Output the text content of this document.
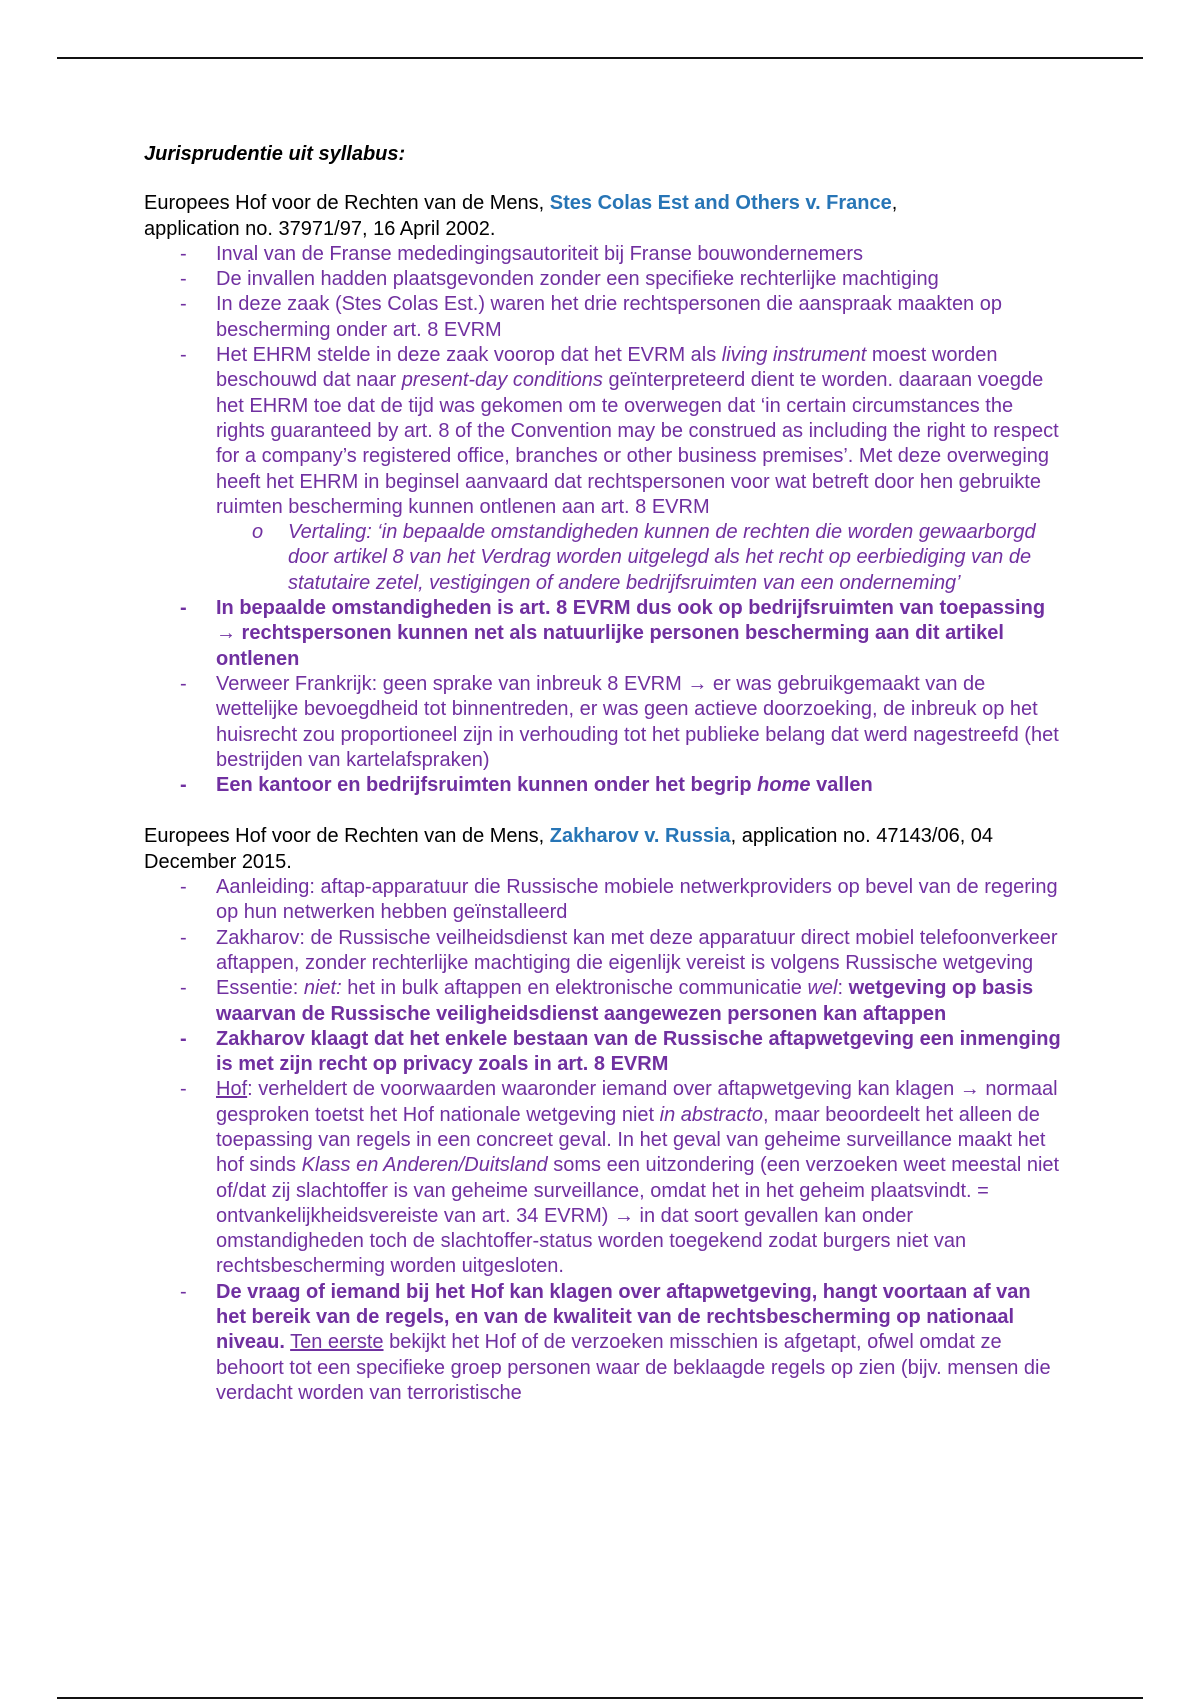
Jurisprudentie uit syllabus:

Europees Hof voor de Rechten van de Mens, Stes Colas Est and Others v. France,
application no. 37971/97, 16 April 2002.

- Inval van de Franse mededingingsautoriteit bij Franse bouwondernemers
- De invallen hadden plaatsgevonden zonder een specifieke rechterlijke machtiging
- In deze zaak (Stes Colas Est.) waren het drie rechtspersonen die aanspraak maakten op bescherming onder art. 8 EVRM
- Het EHRM stelde in deze zaak voorop dat het EVRM als living instrument moest worden beschouwd dat naar present-day conditions geïnterpreteerd dient te worden. daaraan voegde het EHRM toe dat de tijd was gekomen om te overwegen dat ‘in certain circumstances the rights guaranteed by art. 8 of the Convention may be construed as including the right to respect for a company’s registered office, branches or other business premises’. Met deze overweging heeft het EHRM in beginsel aanvaard dat rechtspersonen voor wat betreft door hen gebruikte ruimten bescherming kunnen ontlenen aan art. 8 EVRM
o Vertaling: ‘in bepaalde omstandigheden kunnen de rechten die worden gewaarborgd door artikel 8 van het Verdrag worden uitgelegd als het recht op eerbiediging van de statutaire zetel, vestigingen of andere bedrijfsruimten van een onderneming’
- In bepaalde omstandigheden is art. 8 EVRM dus ook op bedrijfsruimten van toepassing → rechtspersonen kunnen net als natuurlijke personen bescherming aan dit artikel ontlenen
- Verweer Frankrijk: geen sprake van inbreuk 8 EVRM → er was gebruikgemaakt van de wettelijke bevoegdheid tot binnentreden, er was geen actieve doorzoeking, de inbreuk op het huisrecht zou proportioneel zijn in verhouding tot het publieke belang dat werd nagestreefd (het bestrijden van kartelafspraken)
- Een kantoor en bedrijfsruimten kunnen onder het begrip home vallen

Europees Hof voor de Rechten van de Mens, Zakharov v. Russia, application no. 47143/06, 04 December 2015.

- Aanleiding: aftap-apparatuur die Russische mobiele netwerkproviders op bevel van de regering op hun netwerken hebben geïnstalleerd
- Zakharov: de Russische veilheidsdienst kan met deze apparatuur direct mobiel telefoonverkeer aftappen, zonder rechterlijke machtiging die eigenlijk vereist is volgens Russische wetgeving
- Essentie: niet: het in bulk aftappen en elektronische communicatie wel: wetgeving op basis waarvan de Russische veiligheidsdienst aangewezen personen kan aftappen
- Zakharov klaagt dat het enkele bestaan van de Russische aftapwetgeving een inmenging is met zijn recht op privacy zoals in art. 8 EVRM
- Hof: verheldert de voorwaarden waaronder iemand over aftapwetgeving kan klagen → normaal gesproken toetst het Hof nationale wetgeving niet in abstracto, maar beoordeelt het alleen de toepassing van regels in een concreet geval. In het geval van geheime surveillance maakt het hof sinds Klass en Anderen/Duitsland soms een uitzondering (een verzoeken weet meestal niet of/dat zij slachtoffer is van geheime surveillance, omdat het in het geheim plaatsvindt. = ontvankelijkheidsvereiste van art. 34 EVRM) → in dat soort gevallen kan onder omstandigheden toch de slachtoffer-status worden toegekend zodat burgers niet van rechtsbescherming worden uitgesloten.
- De vraag of iemand bij het Hof kan klagen over aftapwetgeving, hangt voortaan af van het bereik van de regels, en van de kwaliteit van de rechtsbescherming op nationaal niveau. Ten eerste bekijkt het Hof of de verzoeken misschien is afgetapt, ofwel omdat ze behoort tot een specifieke groep personen waar de beklaagde regels op zien (bijv. mensen die verdacht worden van terroristische
